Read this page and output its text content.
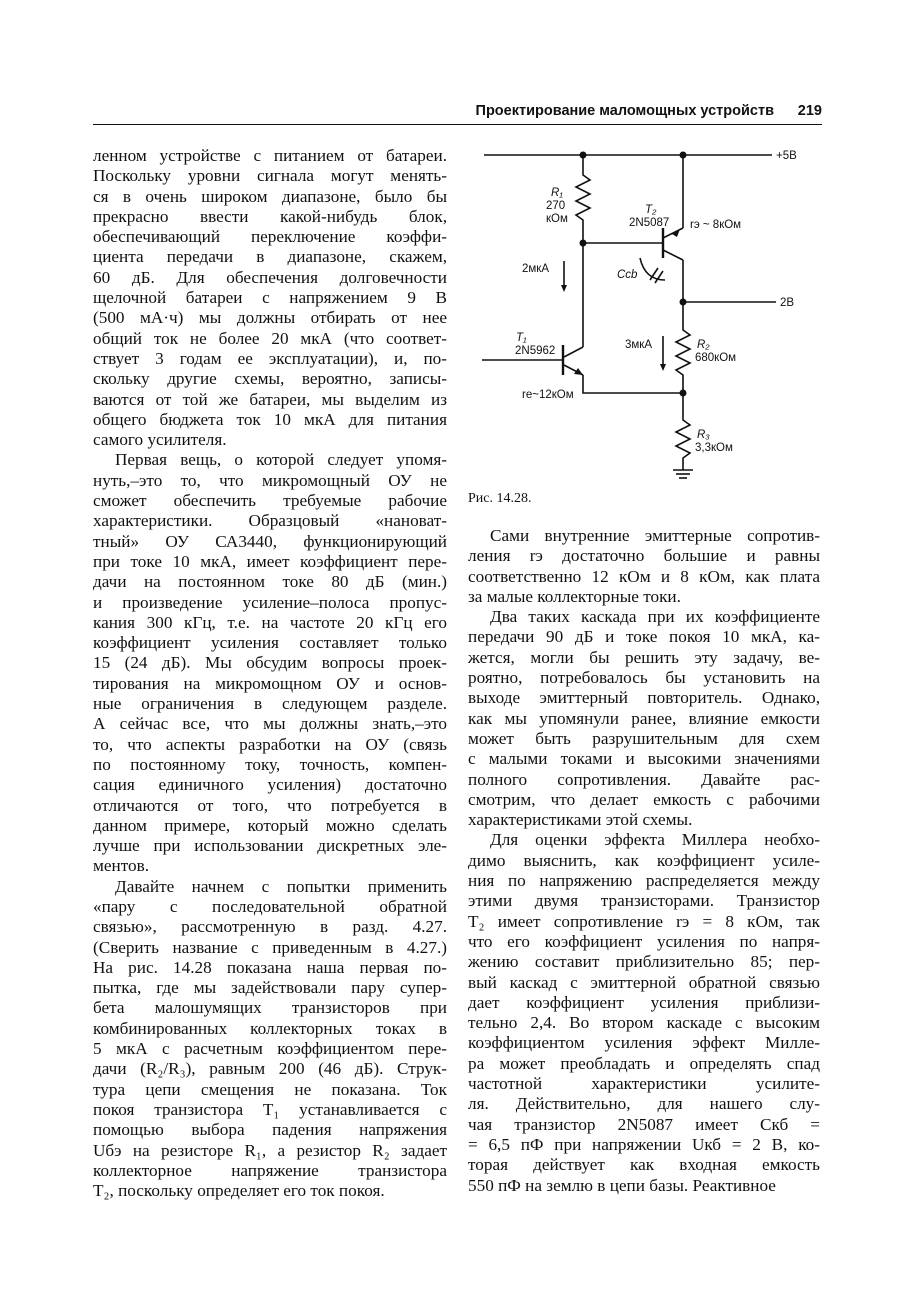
Проектирование маломощных устройств 219
ленном устройстве с питанием от батареи.
Поскольку уровни сигнала могут менять-
ся в очень широком диапазоне, было бы
прекрасно ввести какой-нибудь блок,
обеспечивающий переключение коэффи-
циента передачи в диапазоне, скажем,
60 дБ. Для обеспечения долговечности
щелочной батареи с напряжением 9 В
(500 мА·ч) мы должны отбирать от нее
общий ток не более 20 мкА (что соответ-
ствует 3 годам ее эксплуатации), и, по-
скольку другие схемы, вероятно, записы-
ваются от той же батареи, мы выделим из
общего бюджета ток 10 мкА для питания
самого усилителя.
Первая вещь, о которой следует упомя-
нуть,–это то, что микромощный ОУ не
сможет обеспечить требуемые рабочие
характеристики. Образцовый «нановат-
тный» ОУ СА3440, функционирующий
при токе 10 мкА, имеет коэффициент пере-
дачи на постоянном токе 80 дБ (мин.)
и произведение усиление–полоса пропус-
кания 300 кГц, т.е. на частоте 20 кГц его
коэффициент усиления составляет только
15 (24 дБ). Мы обсудим вопросы проек-
тирования на микромощном ОУ и основ-
ные ограничения в следующем разделе.
А сейчас все, что мы должны знать,–это
то, что аспекты разработки на ОУ (связь
по постоянному току, точность, компен-
сация единичного усиления) достаточно
отличаются от того, что потребуется в
данном примере, который можно сделать
лучше при использовании дискретных эле-
ментов.
Давайте начнем с попытки применить
«пару с последовательной обратной
связью», рассмотренную в разд. 4.27.
(Сверить название с приведенным в 4.27.)
На рис. 14.28 показана наша первая по-
пытка, где мы задействовали пару супер-
бета малошумящих транзисторов при
комбинированных коллекторных токах в
5 мкА с расчетным коэффициентом пере-
дачи (R₂/R₃), равным 200 (46 дБ). Струк-
тура цепи смещения не показана. Ток
покоя транзистора T₁ устанавливается с
помощью выбора падения напряжения
Uбэ на резисторе R₁, а резистор R₂ задает
коллекторное напряжение транзистора
T₂, поскольку определяет его ток покоя.
Сами внутренние эмиттерные сопротив-
ления rэ достаточно большие и равны
соответственно 12 кОм и 8 кОм, как плата
за малые коллекторные токи.
Два таких каскада при их коэффициенте
передачи 90 дБ и токе покоя 10 мкА, ка-
жется, могли бы решить эту задачу, ве-
роятно, потребовалось бы установить на
выходе эмиттерный повторитель. Однако,
как мы упомянули ранее, влияние емкости
может быть разрушительным для схем
с малыми токами и высокими значениями
полного сопротивления. Давайте рас-
смотрим, что делает емкость с рабочими
характеристиками этой схемы.
Для оценки эффекта Миллера необхо-
димо выяснить, как коэффициент усиле-
ния по напряжению распределяется между
этими двумя транзисторами. Транзистор
T₂ имеет сопротивление rэ = 8 кОм, так
что его коэффициент усиления по напря-
жению составит приблизительно 85; пер-
вый каскад с эмиттерной обратной связью
дает коэффициент усиления приблизи-
тельно 2,4. Во втором каскаде с высоким
коэффициентом усиления эффект Милле-
ра может преобладать и определять спад
частотной характеристики усилите-
ля. Действительно, для нашего слу-
чая транзистор 2N5087 имеет Cкб =
= 6,5 пФ при напряжении Uкб = 2 В, ко-
торая действует как входная емкость
550 пФ на землю в цепи базы. Реактивное
+5В
2В
R₁
270
кОм
T₂
2N5087 rэ ~ 8кОм
Cсb
2мкА
T₁
2N5962
re~12кОм
3мкА	R₂
680кОм
R₃
3,3кОм
Рис. 14.28.
